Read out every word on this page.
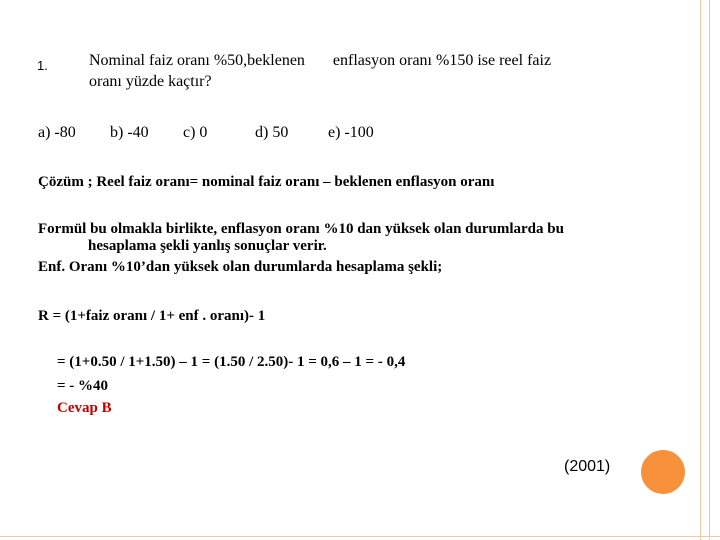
1.	Nominal faiz oranı %50,beklenen enflasyon oranı %150 ise reel faiz
oranı yüzde kaçtır?
a) -80 b) -40 c) 0	d) 50 e) -100
Çözüm ; Reel faiz oranı= nominal faiz oranı – beklenen enflasyon oranı
Formül bu olmakla birlikte, enflasyon oranı %10 dan yüksek olan durumlarda bu
hesaplama şekli yanlış sonuçlar verir.
Enf. Oranı %10’dan yüksek olan durumlarda hesaplama şekli;
R = (1+faiz oranı / 1+ enf . oranı)- 1
= (1+0.50 / 1+1.50) – 1 = (1.50 / 2.50)- 1 = 0,6 – 1 = - 0,4
= - %40
Cevap B
(2001)
